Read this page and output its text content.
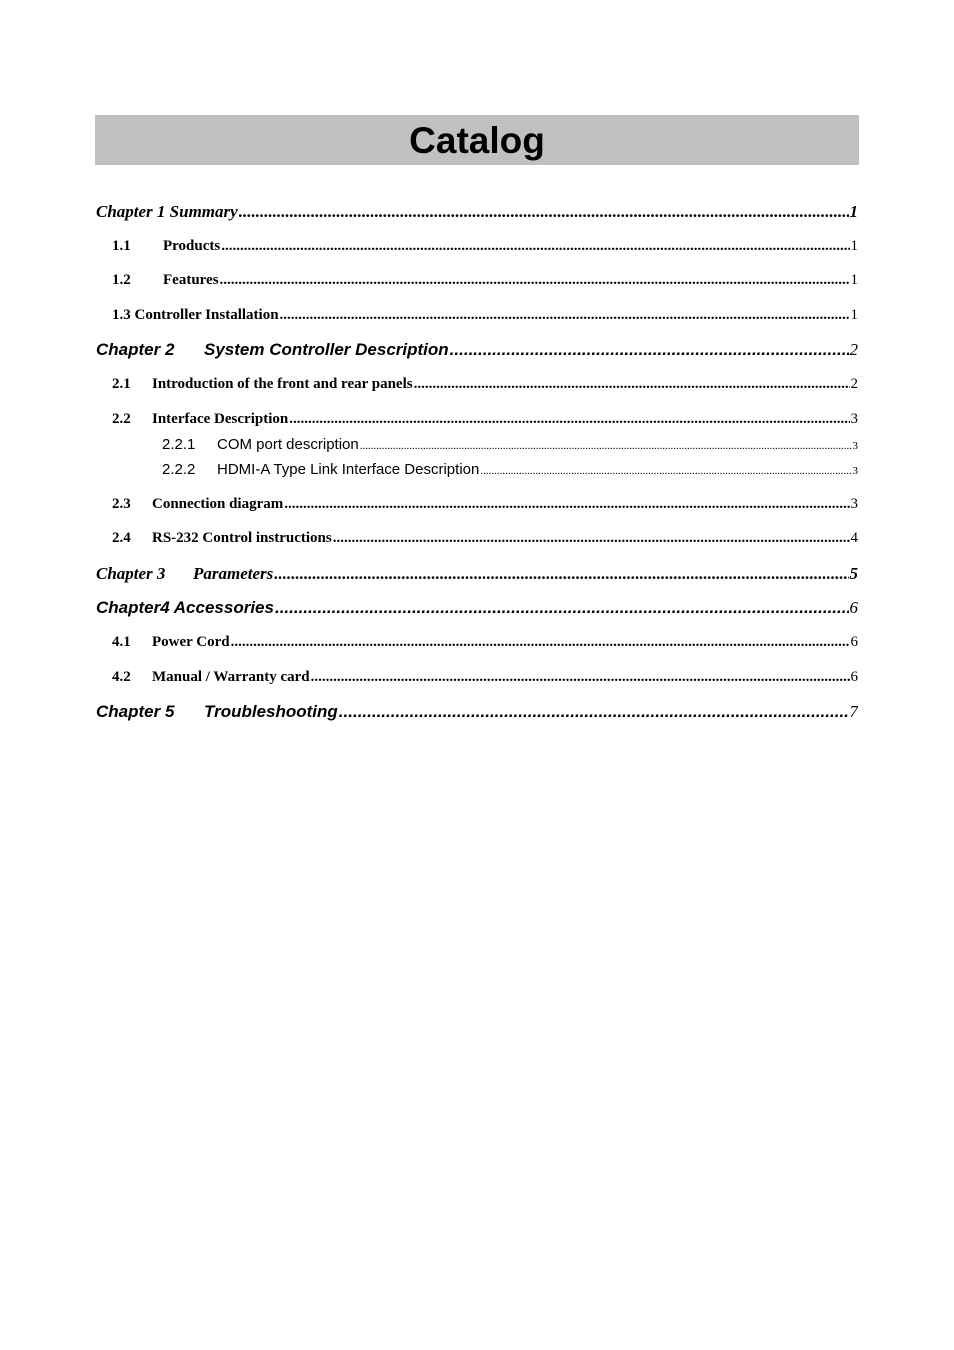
Catalog
Chapter 1 Summary .....	1
1.1 Products .....	1
1.2 Features .....	1
1.3 Controller Installation .....	1
Chapter 2 System Controller Description .....	2
2.1 Introduction of the front and rear panels .....	2
2.2 Interface Description .....	3
2.2.1 COM port description .....	3
2.2.2 HDMI-A Type Link Interface Description .....	3
2.3 Connection diagram .....	3
2.4 RS-232 Control instructions .....	4
Chapter 3 Parameters .....	5
Chapter4 Accessories .....	6
4.1 Power Cord .....	6
4.2 Manual / Warranty card .....	6
Chapter 5 Troubleshooting .....	7
